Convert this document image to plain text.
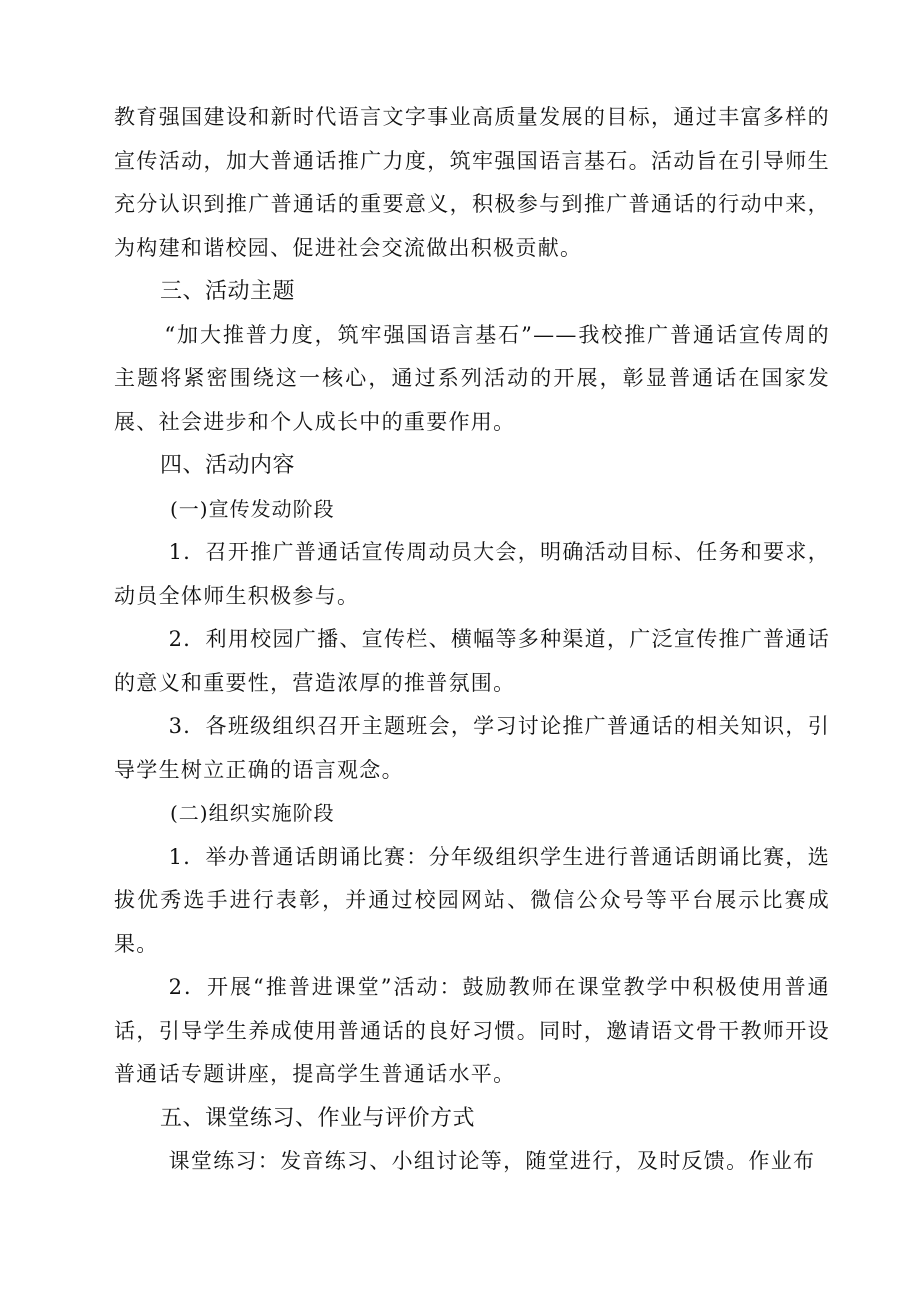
教育强国建设和新时代语言文字事业高质量发展的目标，通过丰富多样的宣传活动，加大普通话推广力度，筑牢强国语言基石。活动旨在引导师生充分认识到推广普通话的重要意义，积极参与到推广普通话的行动中来，为构建和谐校园、促进社会交流做出积极贡献。

三、活动主题

“加大推普力度，筑牢强国语言基石”——我校推广普通话宣传周的主题将紧密围绕这一核心，通过系列活动的开展，彰显普通话在国家发展、社会进步和个人成长中的重要作用。

四、活动内容

(一)宣传发动阶段

1．召开推广普通话宣传周动员大会，明确活动目标、任务和要求，动员全体师生积极参与。

2．利用校园广播、宣传栏、横幅等多种渠道，广泛宣传推广普通话的意义和重要性，营造浓厚的推普氛围。

3．各班级组织召开主题班会，学习讨论推广普通话的相关知识，引导学生树立正确的语言观念。

(二)组织实施阶段

1．举办普通话朗诵比赛：分年级组织学生进行普通话朗诵比赛，选拔优秀选手进行表彰，并通过校园网站、微信公众号等平台展示比赛成果。

2．开展“推普进课堂”活动：鼓励教师在课堂教学中积极使用普通话，引导学生养成使用普通话的良好习惯。同时，邀请语文骨干教师开设普通话专题讲座，提高学生普通话水平。

五、课堂练习、作业与评价方式

课堂练习：发音练习、小组讨论等，随堂进行，及时反馈。作业布
